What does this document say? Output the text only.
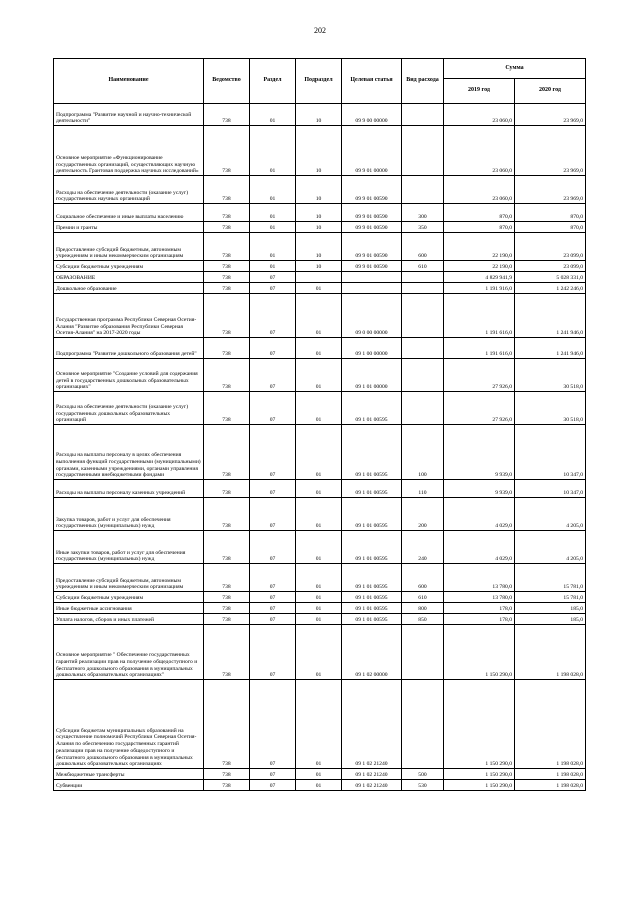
202
Наименование	Ведомство	Раздел	Подраздел	Целевая статья	Вид расхода	Сумма	
						2019 год	2020 год
Подпрограмма "Развитие научной и научно-технической деятельности"	738	01	10	09 9 00 00000		23 060,0	23 969,0
Основное мероприятие «Функционирование государственных организаций, осуществляющих научную деятельность Грантовая поддержка научных исследований»	738	01	10	09 9 01 00000		23 060,0	23 969,0
Расходы на обеспечение деятельности (оказание услуг) государственных научных организаций	738	01	10	09 9 01 00590		23 060,0	23 969,0
Социальное обеспечение и иные выплаты населению	738	01	10	09 9 01 00590	300	870,0	870,0
Премии и гранты	738	01	10	09 9 01 00590	350	870,0	870,0
Предоставление субсидий бюджетным, автономным учреждениям и иным некоммерческим организациям	738	01	10	09 9 01 00590	600	22 190,0	23 099,0
Субсидии бюджетным учреждениям	738	01	10	09 9 01 00590	610	22 190,0	23 099,0
ОБРАЗОВАНИЕ	738	07				4 829 941,9	5 028 331,0
Дошкольное образование	738	07	01			1 191 916,0	1 242 246,0
Государственная программа Республики Северная Осетия-Алания "Развитие образования Республики Северная Осетия-Алания" на 2017-2020 годы	738	07	01	09 0 00 00000		1 191 616,0	1 241 946,0
Подпрограмма "Развитие дошкольного образования детей"	738	07	01	09 1 00 00000		1 191 616,0	1 241 946,0
Основное мероприятие "Создание условий для содержания детей в государственных дошкольных образовательных организациях"	738	07	01	09 1 01 00000		27 926,0	30 518,0
Расходы на обеспечение деятельности (оказание услуг) государственных дошкольных образовательных организаций	738	07	01	09 1 01 00595		27 926,0	30 518,0
Расходы на выплаты персоналу в целях обеспечения выполнения функций государственными (муниципальными) органами, казенными учреждениями, органами управления государственными внебюджетными фондами	738	07	01	09 1 01 00595	100	9 939,0	10 347,0
Расходы на выплаты персоналу казенных учреждений	738	07	01	09 1 01 00595	110	9 939,0	10 347,0
Закупка товаров, работ и услуг для обеспечения государственных (муниципальных) нужд	738	07	01	09 1 01 00595	200	4 029,0	4 205,0
Иные закупки товаров, работ и услуг для обеспечения государственных (муниципальных) нужд	738	07	01	09 1 01 00595	240	4 029,0	4 205,0
Предоставление субсидий бюджетным, автономным учреждениям и иным некоммерческим организациям	738	07	01	09 1 01 00595	600	13 780,0	15 781,0
Субсидии бюджетным учреждениям	738	07	01	09 1 01 00595	610	13 780,0	15 781,0
Иные бюджетные ассигнования	738	07	01	09 1 01 00595	800	178,0	185,0
Уплата налогов, сборов и иных платежей	738	07	01	09 1 01 00595	850	178,0	185,0
Основное мероприятие " Обеспечение государственных гарантий реализации прав на получение общедоступного и бесплатного дошкольного образования в муниципальных дошкольных образовательных организациях"	738	07	01	09 1 02 00000		1 150 290,0	1 198 028,0
Субсидии бюджетам муниципальных образований на осуществление полномочий Республики Северная Осетия-Алания по обеспечению государственных гарантий реализации прав на получение общедоступного и бесплатного дошкольного образования в муниципальных дошкольных образовательных организациях	738	07	01	09 1 02 21240		1 150 290,0	1 198 028,0
Межбюджетные трансферты	738	07	01	09 1 02 21240	500	1 150 290,0	1 198 028,0
Субвенции	738	07	01	09 1 02 21240	530	1 150 290,0	1 198 028,0
